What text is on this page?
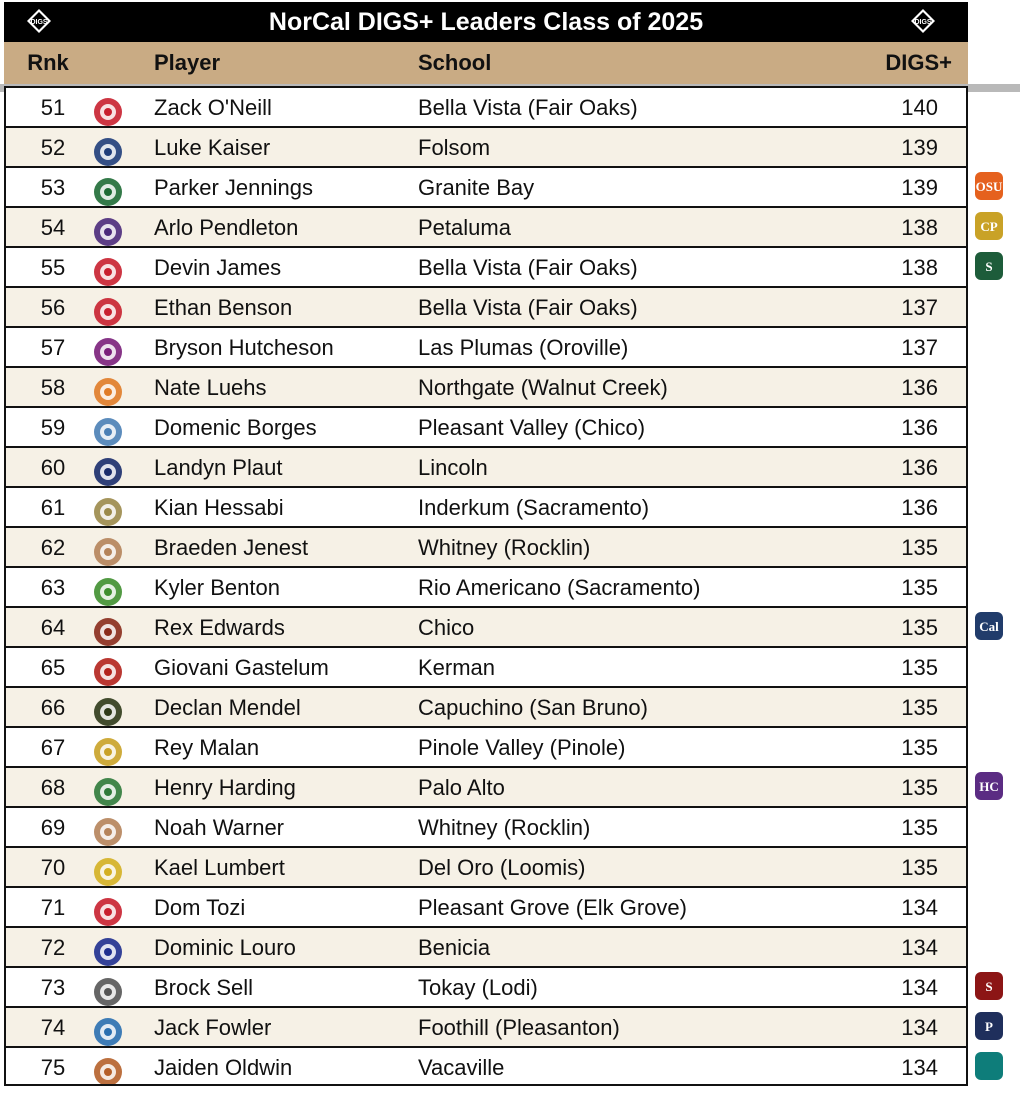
DIGS	NorCal DIGS+ Leaders Class of 2025	DIGS
Rnk	Player	School	DIGS+
51	Zack O'Neill	Bella Vista (Fair Oaks)	140
52	Luke Kaiser	Folsom	139
53	Parker Jennings	Granite Bay	139
54	Arlo Pendleton	Petaluma	138
55	Devin James	Bella Vista (Fair Oaks)	138
56	Ethan Benson	Bella Vista (Fair Oaks)	137
57	Bryson Hutcheson	Las Plumas (Oroville)	137
58	Nate Luehs	Northgate (Walnut Creek)	136
59	Domenic Borges	Pleasant Valley (Chico)	136
60	Landyn Plaut	Lincoln	136
61	Kian Hessabi	Inderkum (Sacramento)	136
62	Braeden Jenest	Whitney (Rocklin)	135
63	Kyler Benton	Rio Americano (Sacramento)	135
64	Rex Edwards	Chico	135
65	Giovani Gastelum	Kerman	135
66	Declan Mendel	Capuchino (San Bruno)	135
67	Rey Malan	Pinole Valley (Pinole)	135
68	Henry Harding	Palo Alto	135
69	Noah Warner	Whitney (Rocklin)	135
70	Kael Lumbert	Del Oro (Loomis)	135
71	Dom Tozi	Pleasant Grove (Elk Grove)	134
72	Dominic Louro	Benicia	134
73	Brock Sell	Tokay (Lodi)	134
74	Jack Fowler	Foothill (Pleasanton)	134
75	Jaiden Oldwin	Vacaville	134
OSU
CP
S
Cal
HC
S
P
